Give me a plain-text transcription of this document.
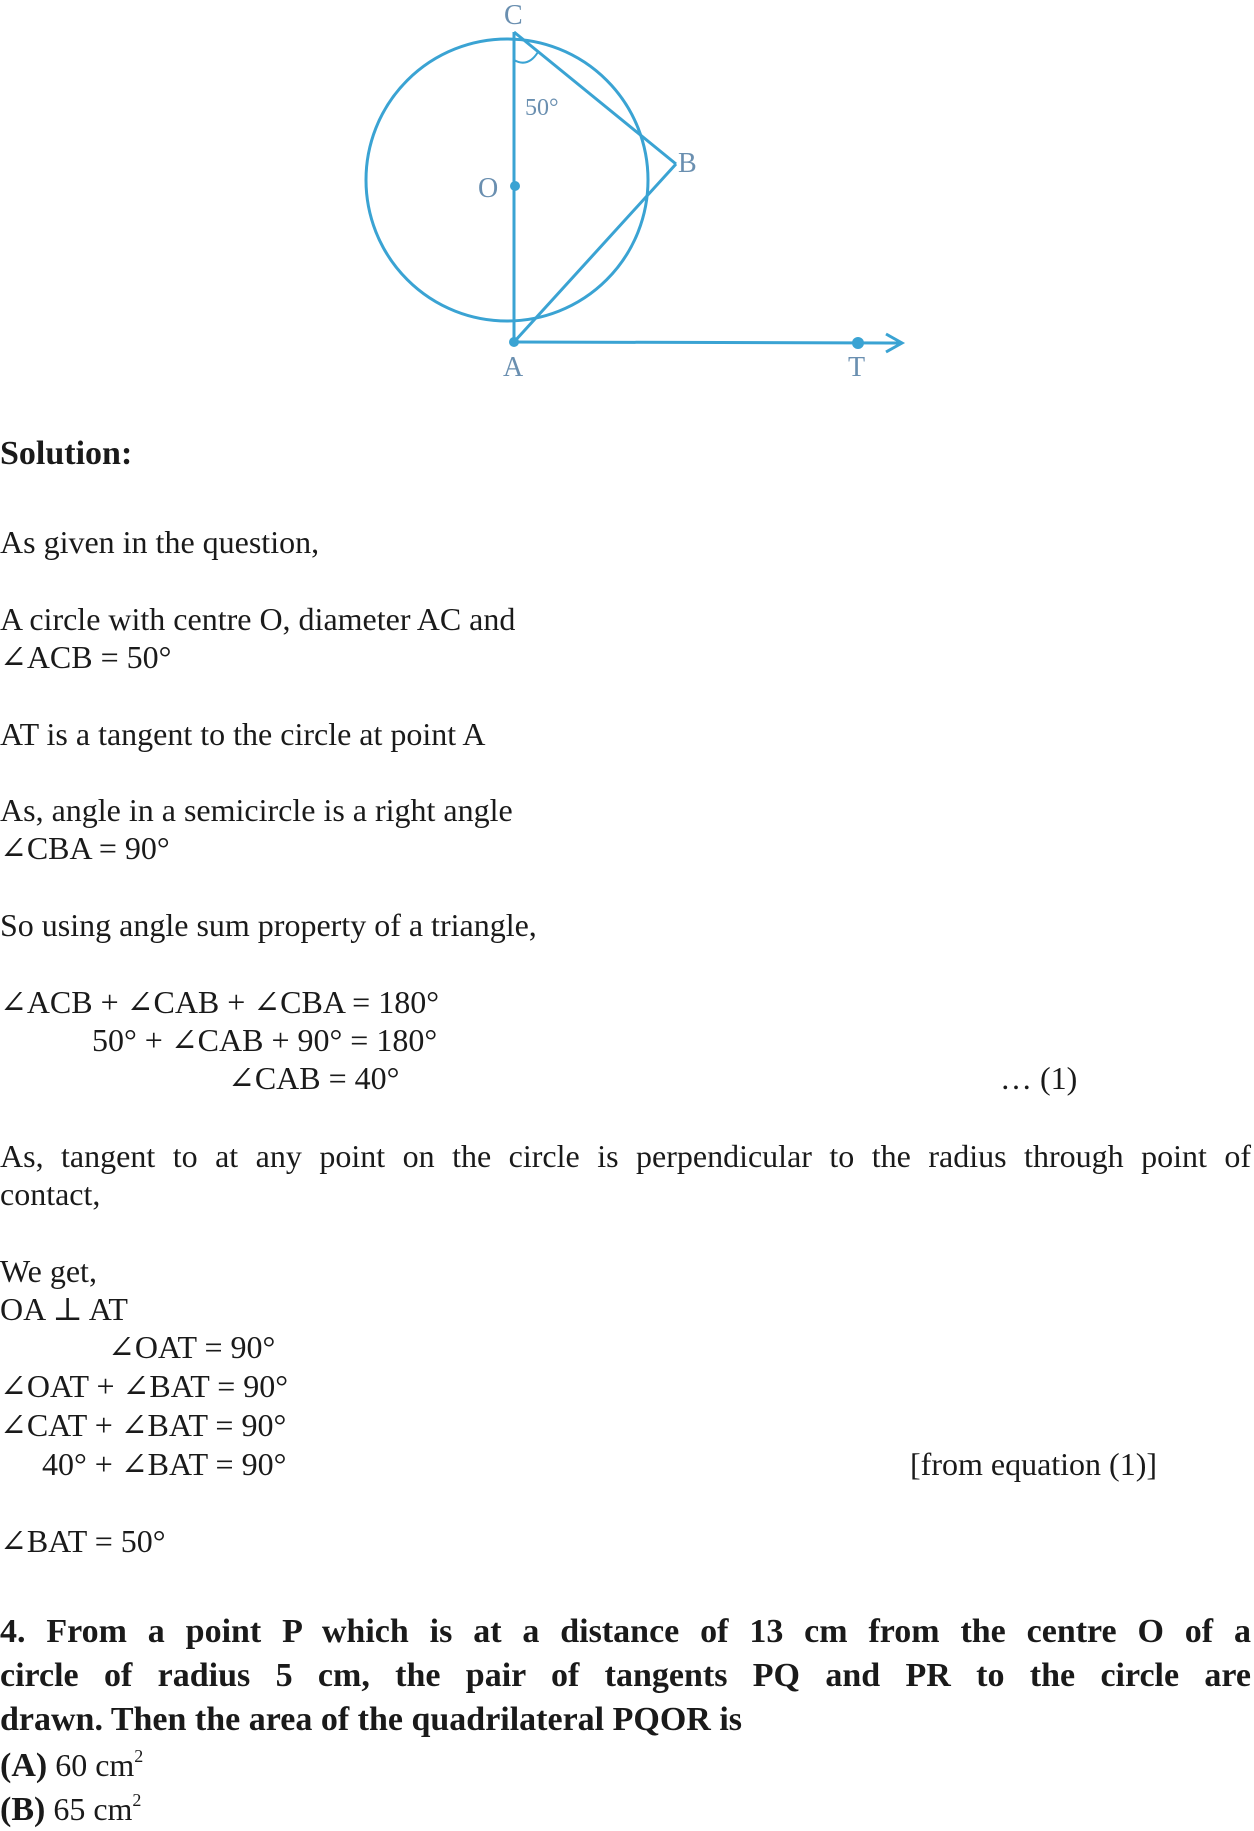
C
B
O
A	T
50°
Solution:
As given in the question,
A circle with centre O, diameter AC and
∠ACB = 50°
AT is a tangent to the circle at point A
As, angle in a semicircle is a right angle
∠CBA = 90°
So using angle sum property of a triangle,
∠ACB + ∠CAB + ∠CBA = 180°
50° + ∠CAB + 90° = 180°
∠CAB = 40°	… (1)
As, tangent to at any point on the circle is perpendicular to the radius through point of
contact,
We get,
OA ⊥ AT
∠OAT = 90°
∠OAT + ∠BAT = 90°
∠CAT + ∠BAT = 90°
40° + ∠BAT = 90°	[from equation (1)]
∠BAT = 50°
4. From a point P which is at a distance of 13 cm from the centre O of a
circle of radius 5 cm, the pair of tangents PQ and PR to the circle are
drawn. Then the area of the quadrilateral PQOR is
(A) 60 $cm^2$
(B) 65 $cm^2$
